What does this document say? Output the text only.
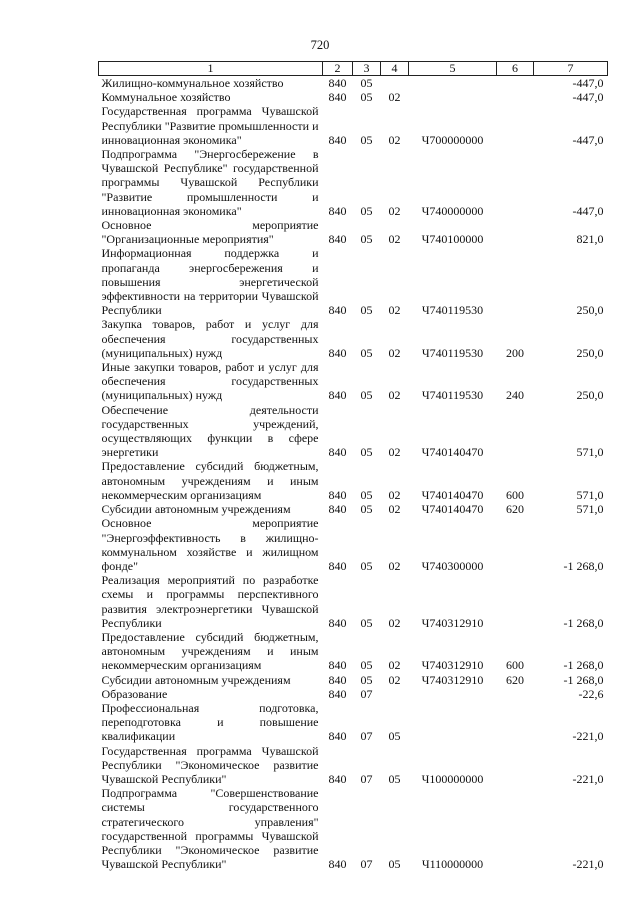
720
1	2	3	4	5	6	7
Жилищно-коммунальное хозяйство	840	05				-447,0
Коммунальное хозяйство	840	05	02			-447,0
Государственная программа Чувашской Республики "Развитие промышленности и инновационная экономика"	840	05	02	Ч700000000		-447,0
Подпрограмма "Энергосбережение в Чувашской Республике" государственной программы Чувашской Республики "Развитие промышленности и инновационная экономика"	840	05	02	Ч740000000		-447,0
Основное мероприятие "Организационные мероприятия"	840	05	02	Ч740100000		821,0
Информационная поддержка и пропаганда энергосбережения и повышения энергетической эффективности на территории Чувашской Республики	840	05	02	Ч740119530		250,0
Закупка товаров, работ и услуг для обеспечения государственных (муниципальных) нужд	840	05	02	Ч740119530	200	250,0
Иные закупки товаров, работ и услуг для обеспечения государственных (муниципальных) нужд	840	05	02	Ч740119530	240	250,0
Обеспечение деятельности государственных учреждений, осуществляющих функции в сфере энергетики	840	05	02	Ч740140470		571,0
Предоставление субсидий бюджетным, автономным учреждениям и иным некоммерческим организациям	840	05	02	Ч740140470	600	571,0
Субсидии автономным учреждениям	840	05	02	Ч740140470	620	571,0
Основное мероприятие "Энергоэффективность в жилищно-коммунальном хозяйстве и жилищном фонде"	840	05	02	Ч740300000		-1 268,0
Реализация мероприятий по разработке схемы и программы перспективного развития электроэнергетики Чувашской Республики	840	05	02	Ч740312910		-1 268,0
Предоставление субсидий бюджетным, автономным учреждениям и иным некоммерческим организациям	840	05	02	Ч740312910	600	-1 268,0
Субсидии автономным учреждениям	840	05	02	Ч740312910	620	-1 268,0
Образование	840	07				-22,6
Профессиональная подготовка, переподготовка и повышение квалификации	840	07	05			-221,0
Государственная программа Чувашской Республики "Экономическое развитие Чувашской Республики"	840	07	05	Ч100000000		-221,0
Подпрограмма "Совершенствование системы государственного стратегического управления" государственной программы Чувашской Республики "Экономическое развитие Чувашской Республики"	840	07	05	Ч110000000		-221,0
